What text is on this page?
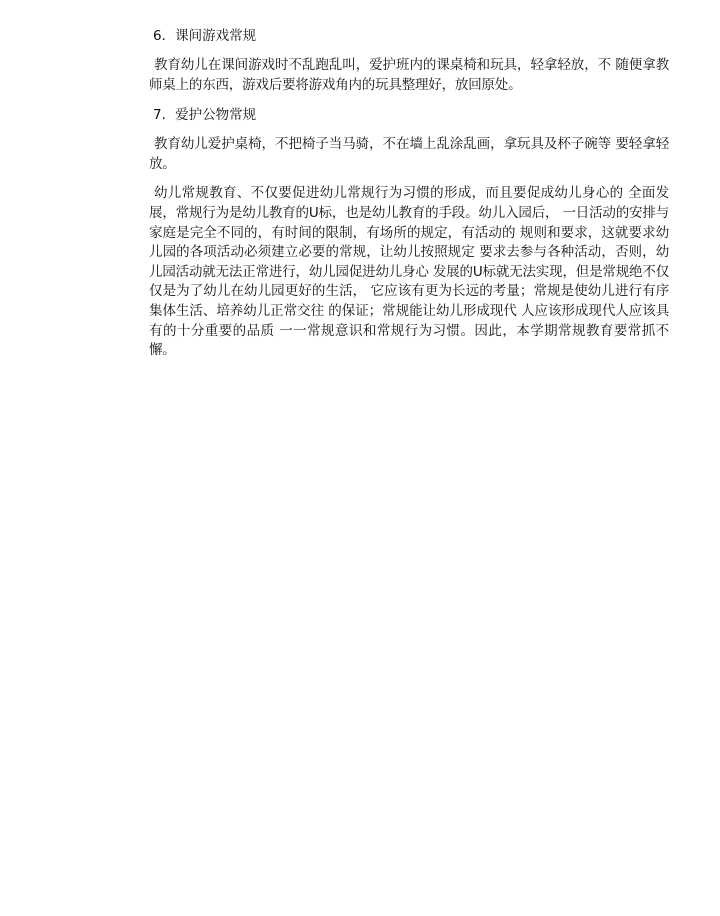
6．课间游戏常规

教育幼儿在课间游戏时不乱跑乱叫，爱护班内的课桌椅和玩具，轻拿轻放，不 随便拿教师桌上的东西，游戏后要将游戏角内的玩具整理好，放回原处。

7．爱护公物常规

教育幼儿爱护桌椅，不把椅子当马骑，不在墙上乱涂乱画，拿玩具及杯子碗等 要轻拿轻放。

幼儿常规教育、不仅要促进幼儿常规行为习惯的形成，而且要促成幼儿身心的 全面发展，常规行为是幼儿教育的U标，也是幼儿教育的手段。幼儿入园后， 一日活动的安排与家庭是完全不同的，有时间的限制，有场所的规定，有活动的 规则和要求，这就要求幼儿园的各项活动必须建立必要的常规，让幼儿按照规定 要求去参与各种活动，否则，幼儿园活动就无法正常进行，幼儿园促进幼儿身心 发展的U标就无法实现，但是常规绝不仅仅是为了幼儿在幼儿园更好的生活， 它应该有更为长远的考量；常规是使幼儿进行有序集体生活、培养幼儿正常交往 的保证；常规能让幼儿形成现代 人应该形成现代人应该具有的十分重要的品质 一一常规意识和常规行为习惯。因此，本学期常规教育要常抓不懈。
